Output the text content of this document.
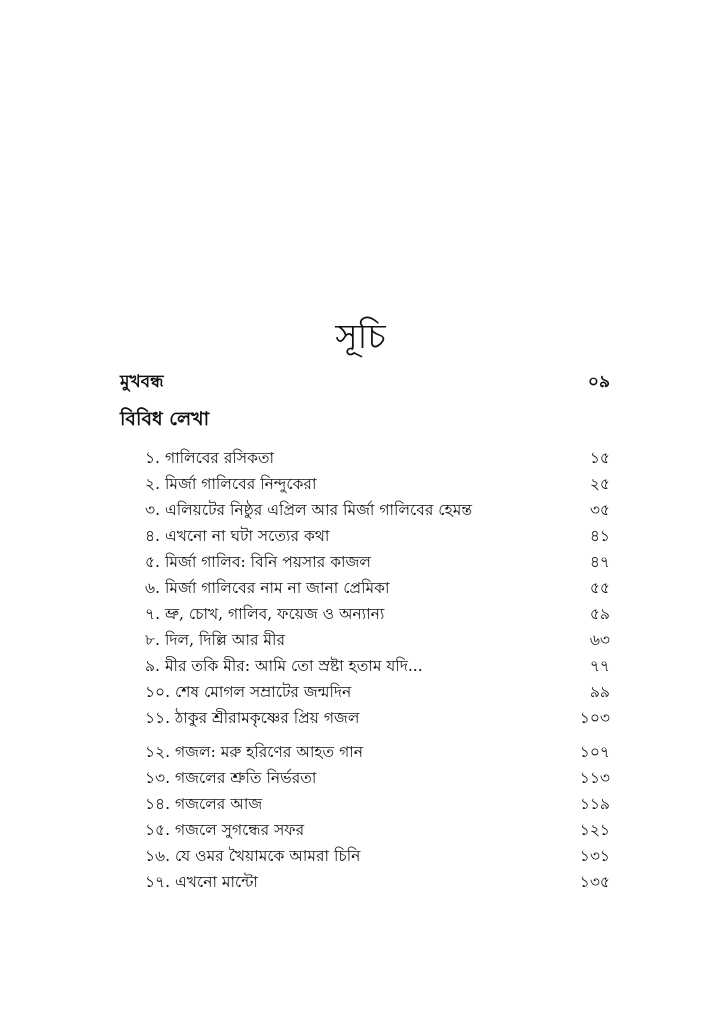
সূচি
মুখবন্ধ	০৯
বিবিধ লেখা
১. গালিবের রসিকতা	১৫
২. মির্জা গালিবের নিন্দুকেরা	২৫
৩. এলিয়টের নিষ্ঠুর এপ্রিল আর মির্জা গালিবের হেমন্ত	৩৫
৪. এখনো না ঘটা সত্যের কথা	৪১
৫. মির্জা গালিব: বিনি পয়সার কাজল	৪৭
৬. মির্জা গালিবের নাম না জানা প্রেমিকা	৫৫
৭. ভ্রু, চোখ, গালিব, ফয়েজ ও অন্যান্য	৫৯
৮. দিল, দিল্লি আর মীর	৬৩
৯. মীর তকি মীর: আমি তো স্রষ্টা হতাম যদি...	৭৭
১০. শেষ মোগল সম্রাটের জন্মদিন	৯৯
১১. ঠাকুর শ্রীরামকৃষ্ণের প্রিয় গজল	১০৩
১২. গজল: মরু হরিণের আহত গান	১০৭
১৩. গজলের শ্রুতি নির্ভরতা	১১৩
১৪. গজলের আজ	১১৯
১৫. গজলে সুগন্ধের সফর	১২১
১৬. যে ওমর খৈয়ামকে আমরা চিনি	১৩১
১৭. এখনো মান্টো	১৩৫
